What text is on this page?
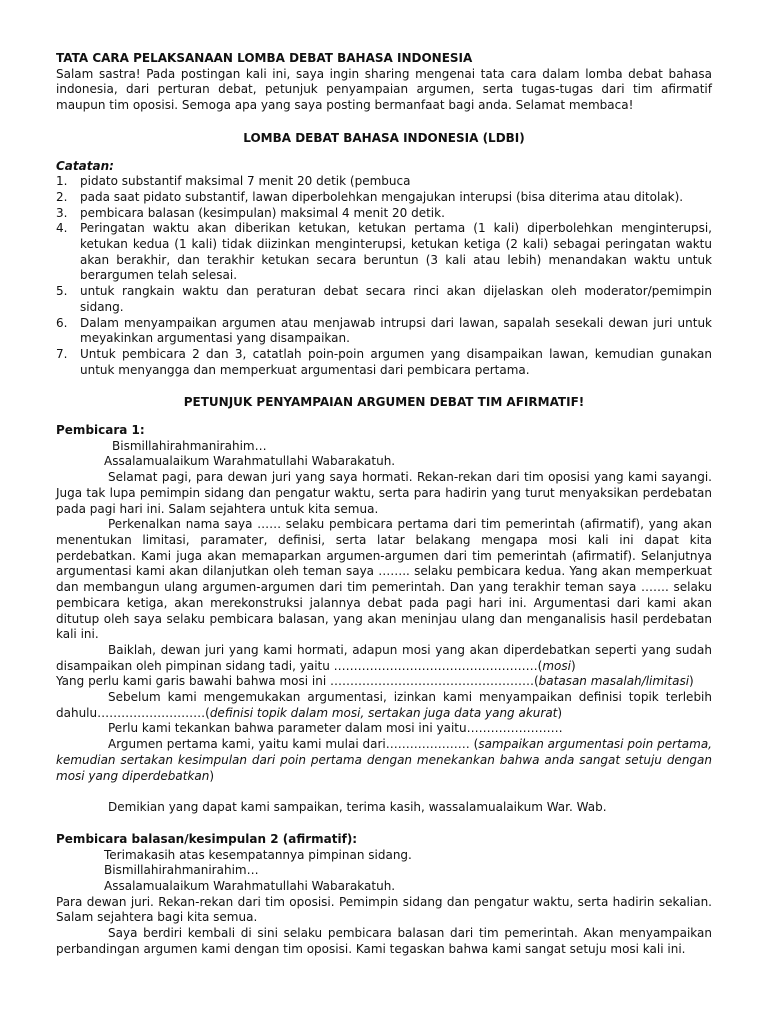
TATA CARA PELAKSANAAN LOMBA DEBAT BAHASA INDONESIA

Salam sastra! Pada postingan kali ini, saya ingin sharing mengenai tata cara dalam lomba debat bahasa indonesia, dari perturan debat, petunjuk penyampaian argumen, serta tugas-tugas dari tim afirmatif maupun tim oposisi. Semoga apa yang saya posting bermanfaat bagi anda. Selamat membaca!

LOMBA DEBAT BAHASA INDONESIA (LDBI)

Catatan:

1.	pidato substantif maksimal 7 menit 20 detik (pembuca
2.	pada saat pidato substantif, lawan diperbolehkan mengajukan interupsi (bisa diterima atau ditolak).
3.	pembicara balasan (kesimpulan) maksimal 4 menit 20 detik.
4.	Peringatan waktu akan diberikan ketukan, ketukan pertama (1 kali) diperbolehkan menginterupsi, ketukan kedua (1 kali) tidak diizinkan menginterupsi, ketukan ketiga (2 kali) sebagai peringatan waktu akan berakhir, dan terakhir ketukan secara beruntun (3 kali atau lebih) menandakan waktu untuk berargumen telah selesai.
5.	untuk rangkain waktu dan peraturan debat secara rinci akan dijelaskan oleh moderator/pemimpin sidang.
6.	Dalam menyampaikan argumen atau menjawab intrupsi dari lawan, sapalah sesekali dewan juri untuk meyakinkan argumentasi yang disampaikan.
7.	Untuk pembicara 2 dan 3, catatlah poin-poin argumen yang disampaikan lawan, kemudian gunakan untuk menyangga dan memperkuat argumentasi dari pembicara pertama.

PETUNJUK PENYAMPAIAN ARGUMEN DEBAT TIM AFIRMATIF!

Pembicara 1:

Bismillahirahmanirahim…

Assalamualaikum Warahmatullahi Wabarakatuh.

Selamat pagi, para dewan juri yang saya hormati. Rekan-rekan dari tim oposisi yang kami sayangi. Juga tak lupa pemimpin sidang dan pengatur waktu, serta para hadirin yang turut menyaksikan perdebatan pada pagi hari ini. Salam sejahtera untuk kita semua.

Perkenalkan nama saya …… selaku pembicara pertama dari tim pemerintah (afirmatif), yang akan menentukan limitasi, paramater, definisi, serta latar belakang mengapa mosi kali ini dapat kita perdebatkan. Kami juga akan memaparkan argumen-argumen dari tim pemerintah (afirmatif). Selanjutnya argumentasi kami akan dilanjutkan oleh teman saya …….. selaku pembicara kedua. Yang akan memperkuat dan membangun ulang argumen-argumen dari tim pemerintah. Dan yang terakhir teman saya ……. selaku pembicara ketiga, akan merekonstruksi jalannya debat pada pagi hari ini. Argumentasi dari kami akan ditutup oleh saya selaku pembicara balasan, yang akan meninjau ulang dan menganalisis hasil perdebatan kali ini.

Baiklah, dewan juri yang kami hormati, adapun mosi yang akan diperdebatkan seperti yang sudah disampaikan oleh pimpinan sidang tadi, yaitu ……………………………………………(mosi)

Yang perlu kami garis bawahi bahwa mosi ini ……………………………………………(batasan masalah/limitasi)

Sebelum kami mengemukakan argumentasi, izinkan kami menyampaikan definisi topik terlebih dahulu………………………(definisi topik dalam mosi, sertakan juga data yang akurat)

Perlu kami tekankan bahwa parameter dalam mosi ini yaitu……………………

Argumen pertama kami, yaitu kami mulai dari………………… (sampaikan argumentasi poin pertama, kemudian sertakan kesimpulan dari poin pertama dengan menekankan bahwa anda sangat setuju dengan mosi yang diperdebatkan)

Demikian yang dapat kami sampaikan, terima kasih, wassalamualaikum War. Wab.

Pembicara balasan/kesimpulan 2 (afirmatif):

Terimakasih atas kesempatannya pimpinan sidang.

Bismillahirahmanirahim…

Assalamualaikum Warahmatullahi Wabarakatuh.

Para dewan juri. Rekan-rekan dari tim oposisi. Pemimpin sidang dan pengatur waktu, serta hadirin sekalian. Salam sejahtera bagi kita semua.

Saya berdiri kembali di sini selaku pembicara balasan dari tim pemerintah. Akan menyampaikan perbandingan argumen kami dengan tim oposisi. Kami tegaskan bahwa kami sangat setuju mosi kali ini.
